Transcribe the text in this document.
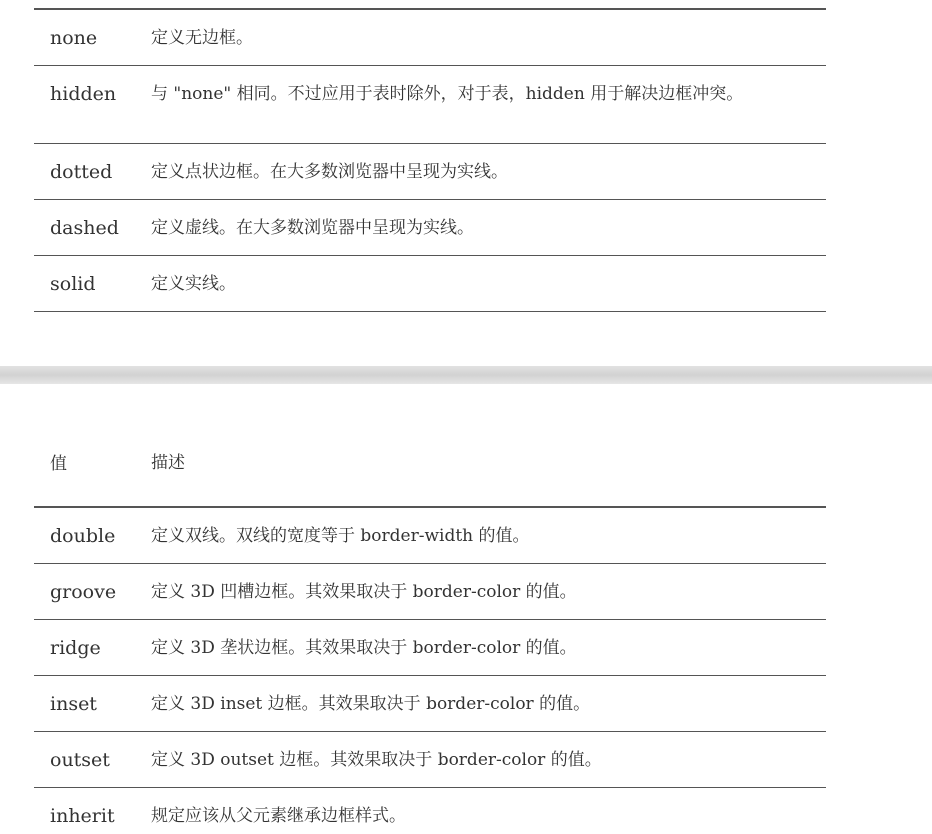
none	定义无边框。
hidden	与 "none" 相同。不过应用于表时除外，对于表，hidden 用于解决边框冲突。
dotted	定义点状边框。在大多数浏览器中呈现为实线。
dashed	定义虚线。在大多数浏览器中呈现为实线。
solid	定义实线。
值	描述
double	定义双线。双线的宽度等于 border-width 的值。
groove	定义 3D 凹槽边框。其效果取决于 border-color 的值。
ridge	定义 3D 垄状边框。其效果取决于 border-color 的值。
inset	定义 3D inset 边框。其效果取决于 border-color 的值。
outset	定义 3D outset 边框。其效果取决于 border-color 的值。
inherit	规定应该从父元素继承边框样式。
